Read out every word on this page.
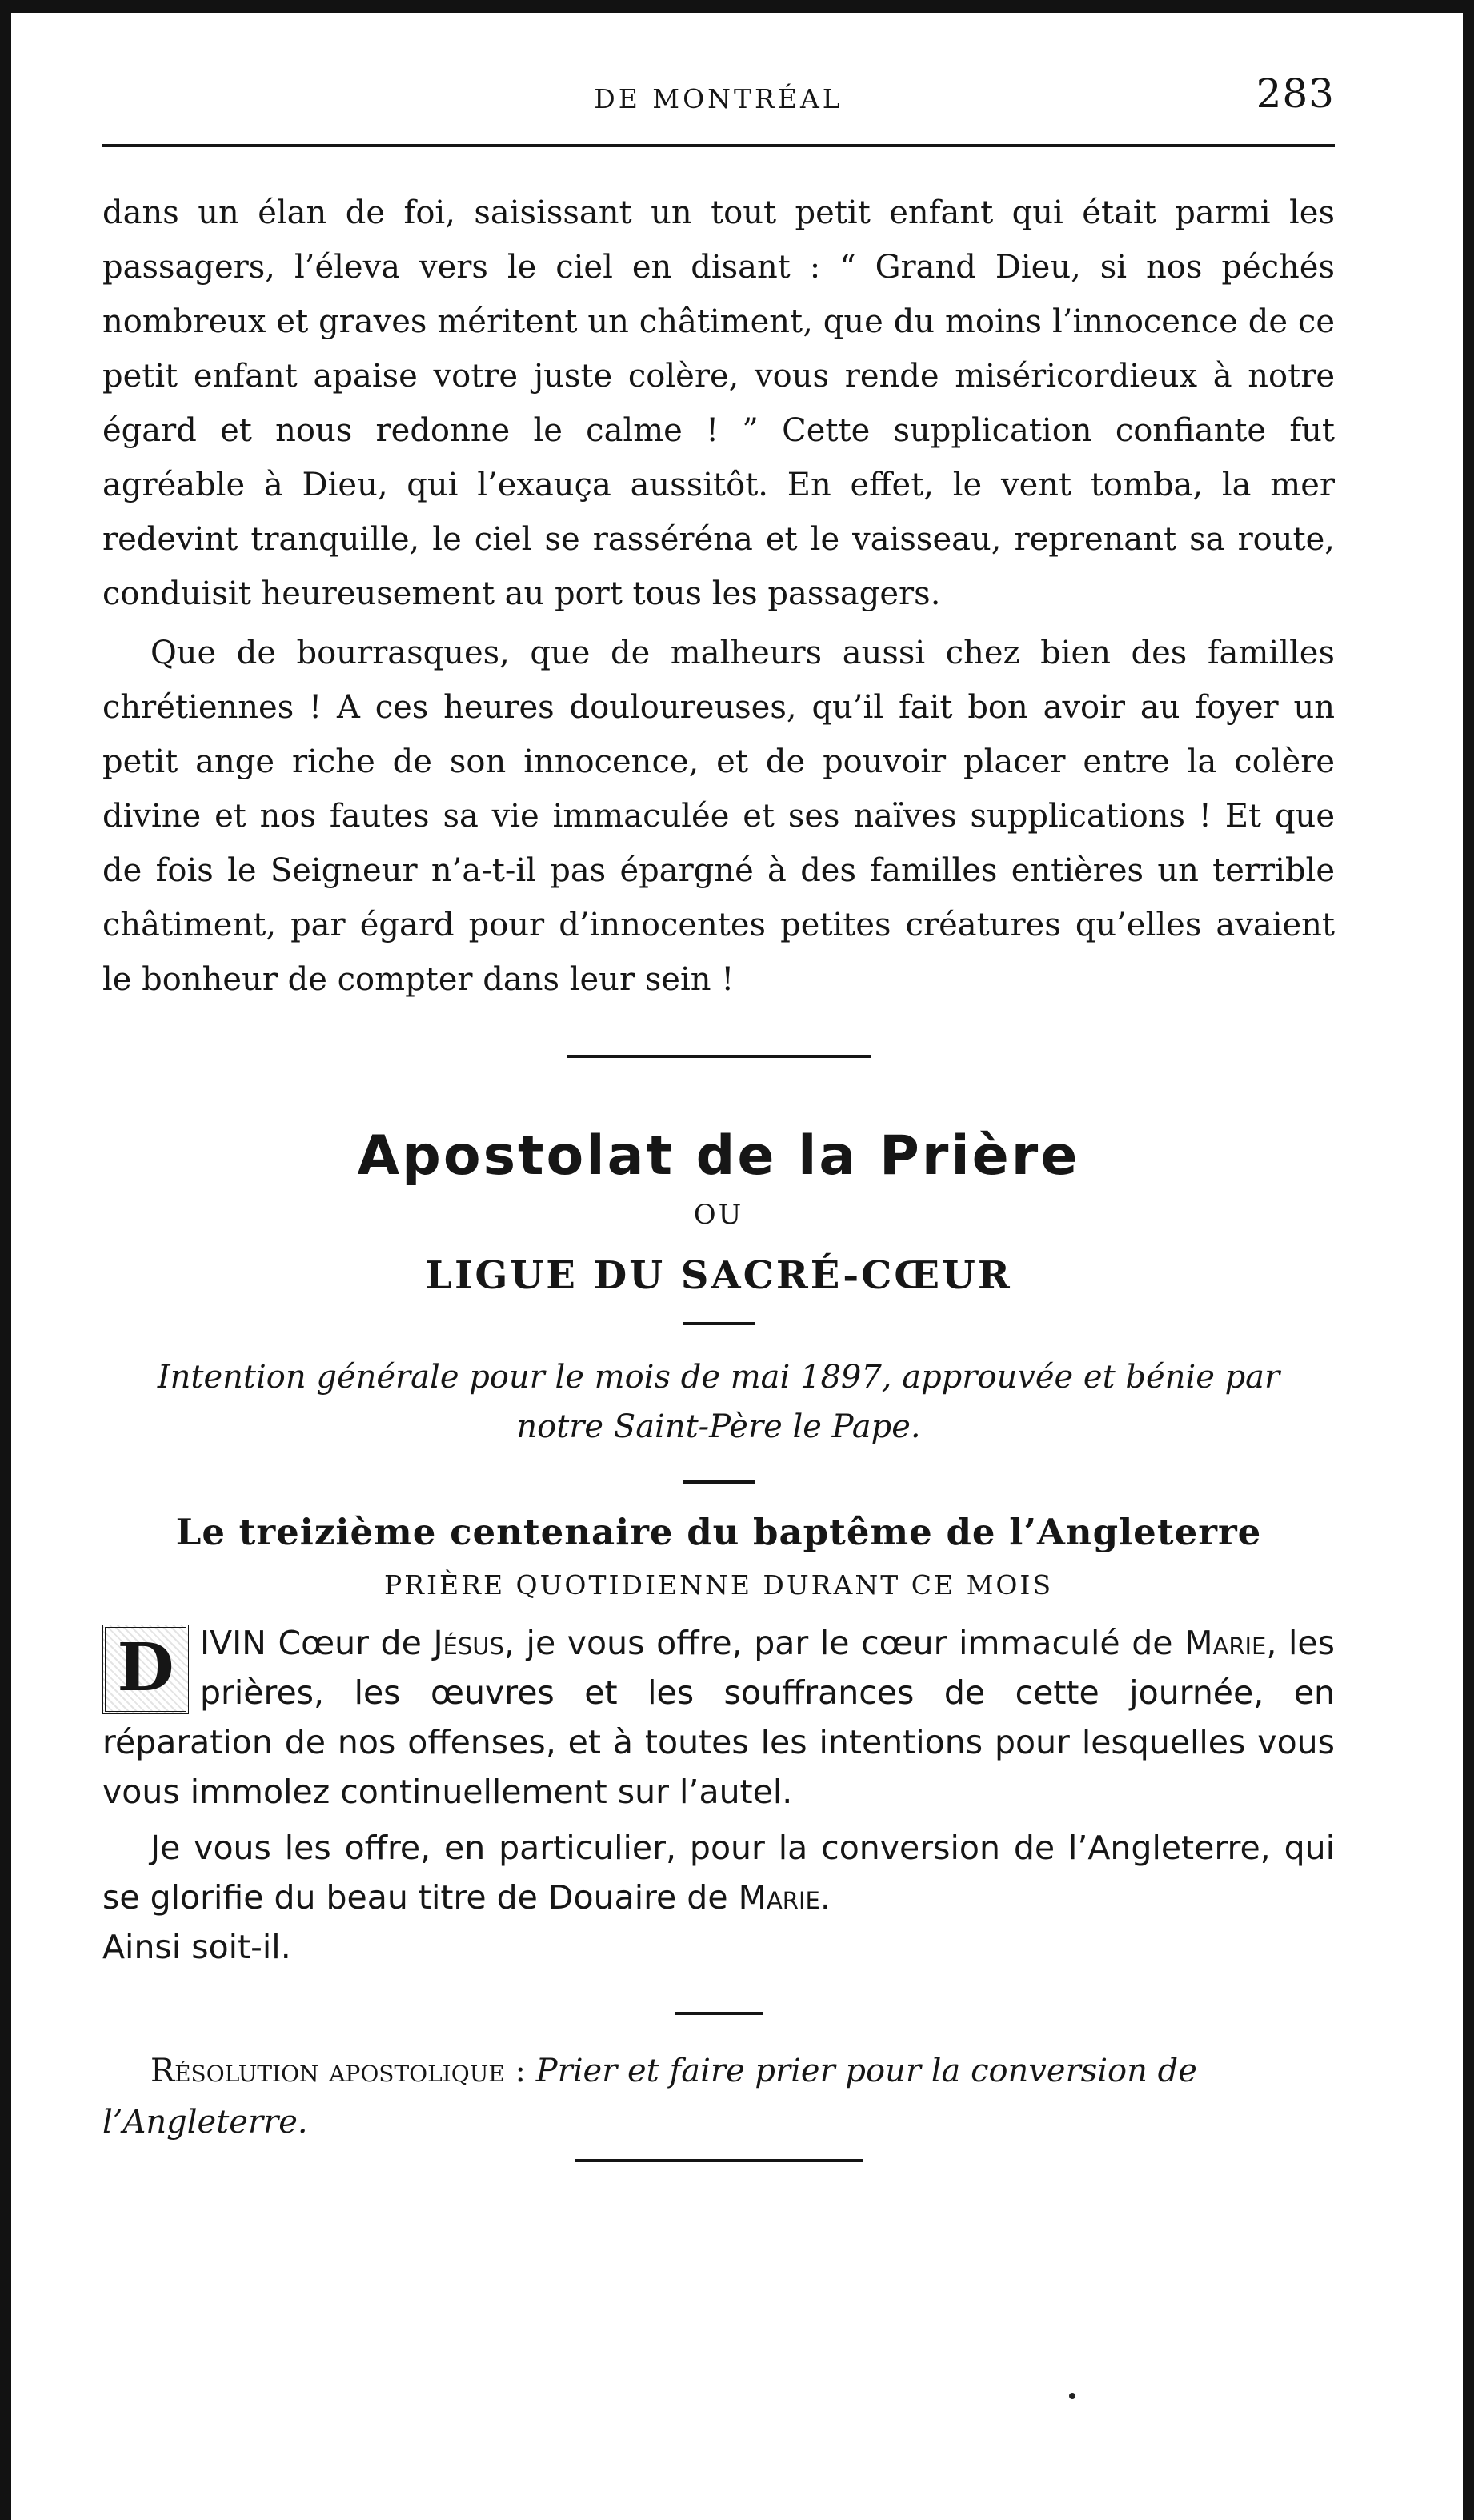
DE MONTRÉAL	283

dans un élan de foi, saisissant un tout petit enfant qui était parmi les passagers, l’éleva vers le ciel en disant : “ Grand Dieu, si nos péchés nombreux et graves méritent un châtiment, que du moins l’innocence de ce petit enfant apaise votre juste colère, vous rende miséricordieux à notre égard et nous redonne le calme ! ” Cette supplication confiante fut agréable à Dieu, qui l’exauça aussitôt. En effet, le vent tomba, la mer redevint tranquille, le ciel se rasséréna et le vaisseau, reprenant sa route, conduisit heureusement au port tous les passagers.

Que de bourrasques, que de malheurs aussi chez bien des familles chrétiennes ! A ces heures douloureuses, qu’il fait bon avoir au foyer un petit ange riche de son innocence, et de pouvoir placer entre la colère divine et nos fautes sa vie immaculée et ses naïves supplications ! Et que de fois le Seigneur n’a-t-il pas épargné à des familles entières un terrible châtiment, par égard pour d’innocentes petites créatures qu’elles avaient le bonheur de compter dans leur sein !

Apostolat de la Prière
OU
LIGUE DU SACRÉ-CŒUR
Intention générale pour le mois de mai 1897, approuvée et bénie par notre Saint-Père le Pape.
Le treizième centenaire du baptême de l’Angleterre
PRIÈRE QUOTIDIENNE DURANT CE MOIS

D IVIN Cœur de Jésus, je vous offre, par le cœur immaculé de Marie, les prières, les œuvres et les souffrances de cette journée, en réparation de nos offenses, et à toutes les intentions pour lesquelles vous vous immolez continuellement sur l’autel.

Je vous les offre, en particulier, pour la conversion de l’Angleterre, qui se glorifie du beau titre de Douaire de Marie.

Ainsi soit-il.

Résolution apostolique : Prier et faire prier pour la conversion de l’Angleterre.
